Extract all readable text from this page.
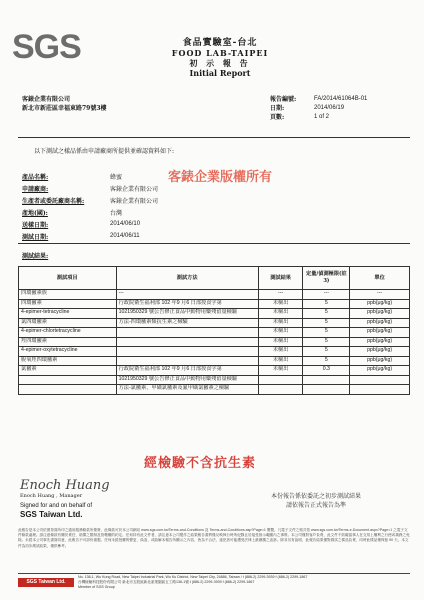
SGS	食品實驗室-台北
FOOD LAB-TAIPEI
初 示 報 告
Initial Report
客錶企業有限公司
新北市新莊區幸福東路79號3樓
報告編號:	FA/2014/61064B-01
日期:	2014/06/19
頁數:	1 of 2
以下測試之樣品係由申請廠商所提供並確認資料如下:
產品名稱:	蜂蜜
申請廠商:	客錶企業有限公司
生產者或委託廠商名稱:	客錶企業有限公司
產地(國):	台灣
送樣日期:	2014/06/10
測試日期:	2014/06/11
客錶企業版權所有
測試結果:
測試項目	測試方法	測試結果	定量/偵測極限(註3)	單位
四環黴素族	---	---	---	---
四環黴素	行政院衛生福利部 102 年9 月6 日部授食字第	未檢出	5	ppb(μg/kg)
4-epimer-tetracycline	1021950329 號公告修正食品中動物用藥殘留量檢驗	未檢出	5	ppb(μg/kg)
氯四環黴素	方法-四環黴素類抗生素之檢驗	未檢出	5	ppb(μg/kg)
4-epimer-chlortetracycline		未檢出	5	ppb(μg/kg)
羥四環黴素		未檢出	5	ppb(μg/kg)
4-epimer-oxytetracycline		未檢出	5	ppb(μg/kg)
脫氧羥四環黴素		未檢出	5	ppb(μg/kg)
氯黴素	行政院衛生福利部 102 年9 月6 日部授食字第	未檢出	0.3	ppb(μg/kg)
	1021950329 號公告修正食品中動物用藥殘留量檢驗			
	方法-氯黴素、甲磺氯黴素及氟甲磺氯黴素之檢驗			
經檢驗不含抗生素
Enoch Huang
Enoch Huang , Manager
Signed for and on behalf of
SGS Taiwan Ltd.
本份報告係依委託之初步測試結果
請依報告正式報告為準
此報告是本公司依照背面所印之通用服務條款所簽發，此條款可於本公司網站 www.sgs.com.tw/Terms-and-Conditions 及 Terms-and-Conditions.asp?Page=1 閱覽，凡電子文件之格式依 www.sgs.com.tw/Terms-e-Document.aspx?Page=1 之電子文件條款處理。請注意條款有關於責任、賠償之限制及管轄權的約定。任何持有此文件者，請注意本公司製作之結果報告書將僅反映執行時所紀錄且於接受指示範圍內之事實。本公司僅對客戶負責，此文件不妨礙當事人在交易上權利之行使或義務之免除。未經本公司事先書面同意，此報告不可部份複製。任何未經授權的變更、偽造、或曲解本報告所顯示之內容，皆為不合法，違犯者可能遭受法律上最嚴厲之追訴。除非另有說明，此報告結果僅對測試之樣品負責，同時此樣品僅保留 90 天。本文件為初步測試結果，僅供參考。
SGS Taiwan Ltd.
No. 136-1, Wu Kung Road, New Taipei Industrial Park, Wu Ku District, New Taipei City, 24886, Taiwan / t (886-2) 2299-3939 f (886-2) 2299-1867
台灣檢驗科技股份有限公司 新北市五股區新北產業園區五工路136-1號 t (886-2) 2299-3939 f (886-2) 2299-1867
Member of SGS Group
